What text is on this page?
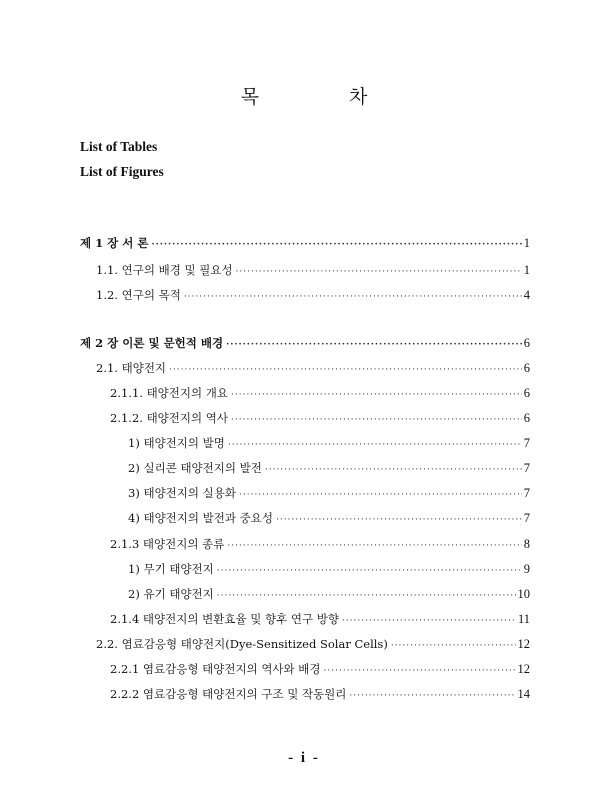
목 차
List of Tables
List of Figures
제 1 장 서 론 ·····	1
1.1. 연구의 배경 및 필요성 ·····	1
1.2. 연구의 목적 ·····	4
제 2 장 이론 및 문헌적 배경 ·····	6
2.1. 태양전지 ·····	6
2.1.1. 태양전지의 개요 ·····	6
2.1.2. 태양전지의 역사 ·····	6
1) 태양전지의 발명 ·····	7
2) 실리콘 태양전지의 발전 ·····	7
3) 태양전지의 실용화 ·····	7
4) 태양전지의 발전과 중요성 ·····	7
2.1.3 태양전지의 종류 ·····	8
1) 무기 태양전지 ·····	9
2) 유기 태양전지 ·····	10
2.1.4 태양전지의 변환효율 및 향후 연구 방향 ·····	11
2.2. 염료감응형 태양전지(Dye-Sensitized Solar Cells) ·····	12
2.2.1 염료감응형 태양전지의 역사와 배경 ·····	12
2.2.2 염료감응형 태양전지의 구조 및 작동원리 ·····	14
- i -
